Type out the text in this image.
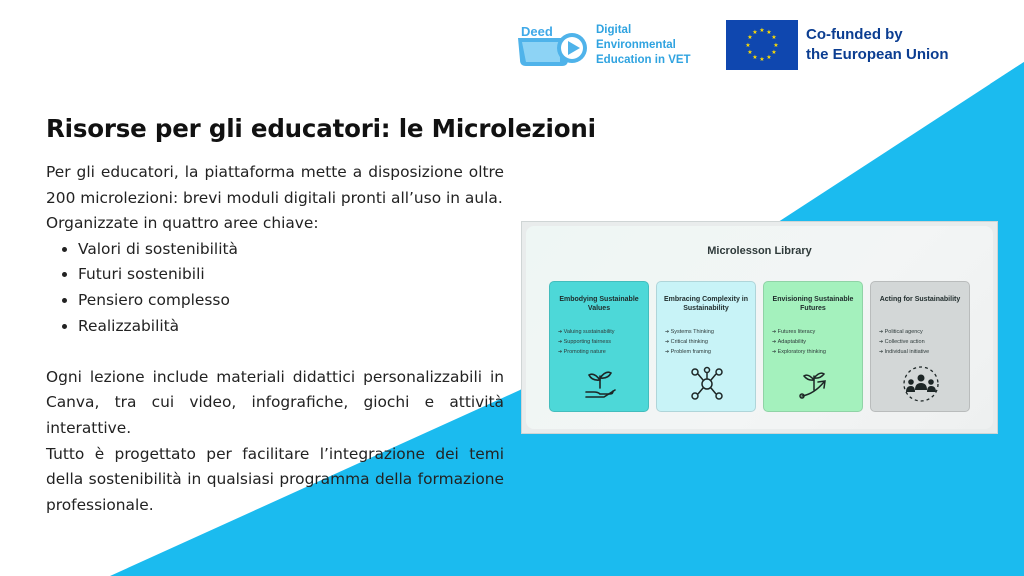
Deed	Digital
Environmental
Education in VET
★ ★
★
★
★
★
★
★
★
★
★
★	Co-funded by
the European Union
Risorse per gli educatori: le Microlezioni

Per gli educatori, la piattaforma mette a disposizione oltre 200 microlezioni: brevi moduli digitali pronti all’uso in aula.

Organizzate in quattro aree chiave:

• Valori di sostenibilità
• Futuri sostenibili
• Pensiero complesso
• Realizzabilità

Ogni lezione include materiali didattici personalizzabili in Canva, tra cui video, infografiche, giochi e attività interattive.

Tutto è progettato per facilitare l’integrazione dei temi della sostenibilità in qualsiasi programma della formazione professionale.

Microlesson Library
Embodying Sustainable Values
➔ Valuing sustainability
➔ Supporting fairness
➔ Promoting nature
Embracing Complexity in Sustainability
➔ Systems Thinking
➔ Critical thinking
➔ Problem framing
Envisioning Sustainable Futures
➔ Futures literacy
➔ Adaptability
➔ Exploratory thinking
Acting for Sustainability
➔ Political agency
➔ Collective action
➔ Individual initiative
